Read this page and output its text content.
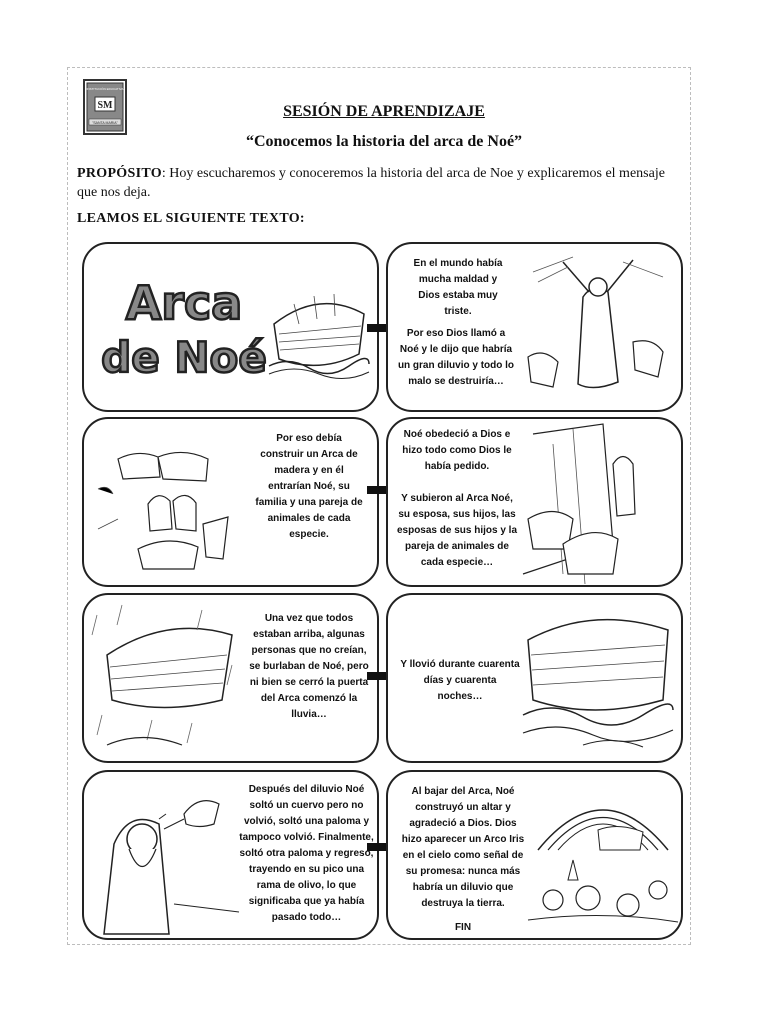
SM
"SANTA MARIA"
INSTITUCIÓN EDUCATIVA
SESIÓN DE APRENDIZAJE
“Conocemos la historia del arca de Noé”
PROPÓSITO: Hoy escucharemos y conoceremos la historia del arca de Noe y explicaremos el mensaje que nos deja.
LEAMOS EL SIGUIENTE TEXTO:
Arca
de Noé
En el mundo había mucha maldad y Dios estaba muy triste.
Por eso Dios llamó a Noé y le dijo que habría un gran diluvio y todo lo malo se destruiría…
Por eso debía construir un Arca de madera y en él entrarían Noé, su familia y una pareja de animales de cada especie.
Noé obedeció a Dios e hizo todo como Dios le había pedido.
Y subieron al Arca Noé, su esposa, sus hijos, las esposas de sus hijos y la pareja de animales de cada especie…
Una vez que todos estaban arriba, algunas personas que no creían, se burlaban de Noé, pero ni bien se cerró la puerta del Arca comenzó la lluvia…
Y llovió durante cuarenta días y cuarenta noches…
Después del diluvio Noé soltó un cuervo pero no volvió, soltó una paloma y tampoco volvió. Finalmente, soltó otra paloma y regresó, trayendo en su pico una rama de olivo, lo que significaba que ya había pasado todo…
Al bajar del Arca, Noé construyó un altar y agradeció a Dios. Dios hizo aparecer un Arco Iris en el cielo como señal de su promesa: nunca más habría un diluvio que destruya la tierra.
FIN
